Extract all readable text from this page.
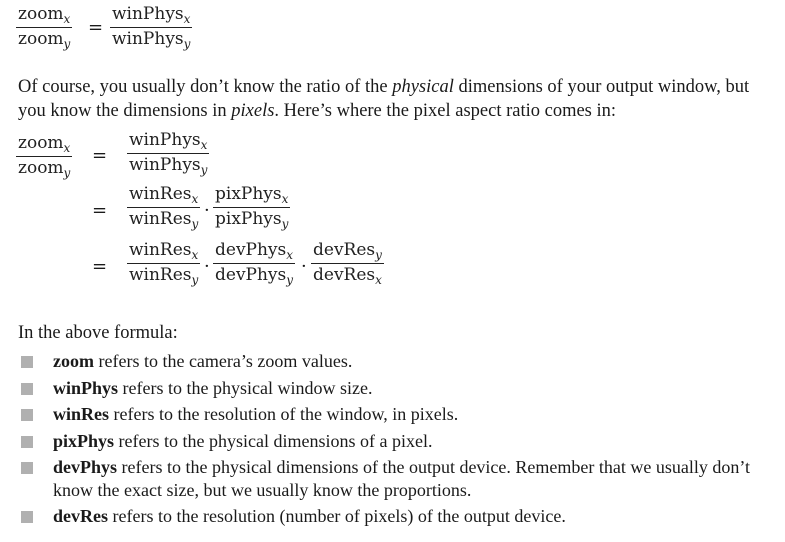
zoom$_x$
zoom$_y$
=
winPhys$_x$
winPhys$_y$
Of course, you usually don’t know the ratio of the physical dimensions of your output window, but you know the dimensions in pixels. Here’s where the pixel aspect ratio comes in:
zoom$_x$
zoom$_y$
=
winPhys$_x$
winPhys$_y$
=
winRes$_x$
winRes$_y$
·
pixPhys$_x$
pixPhys$_y$
=
winRes$_x$
winRes$_y$
·
devPhys$_x$
devPhys$_y$
·
devRes$_y$
devRes$_x$
In the above formula:
zoom refers to the camera’s zoom values.
winPhys refers to the physical window size.
winRes refers to the resolution of the window, in pixels.
pixPhys refers to the physical dimensions of a pixel.
devPhys refers to the physical dimensions of the output device. Remember that we usually don’t know the exact size, but we usually know the proportions.
devRes refers to the resolution (number of pixels) of the output device.
